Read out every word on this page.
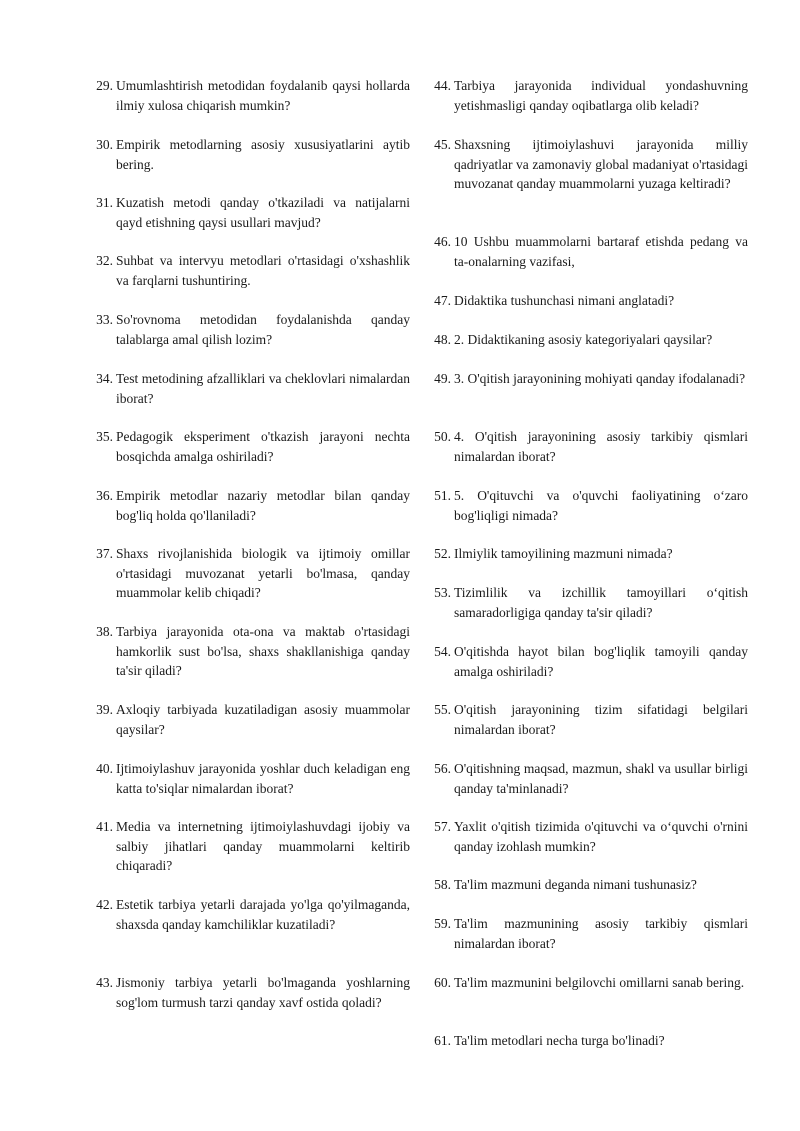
29. Umumlashtirish metodidan foydalanib qaysi hollarda ilmiy xulosa chiqarish mumkin?
30. Empirik metodlarning asosiy xususiyatlarini aytib bering.
31. Kuzatish metodi qanday o'tkaziladi va natijalarni qayd etishning qaysi usullari mavjud?
32. Suhbat va intervyu metodlari o'rtasidagi o'xshashlik va farqlarni tushuntiring.
33. So'rovnoma metodidan foydalanishda qanday talablarga amal qilish lozim?
34. Test metodining afzalliklari va cheklovlari nimalardan iborat?
35. Pedagogik eksperiment o'tkazish jarayoni nechta bosqichda amalga oshiriladi?
36. Empirik metodlar nazariy metodlar bilan qanday bog'liq holda qo'llaniladi?
37. Shaxs rivojlanishida biologik va ijtimoiy omillar o'rtasidagi muvozanat yetarli bo'lmasa, qanday muammolar kelib chiqadi?
38. Tarbiya jarayonida ota-ona va maktab o'rtasidagi hamkorlik sust bo'lsa, shaxs shakllanishiga qanday ta'sir qiladi?
39. Axloqiy tarbiyada kuzatiladigan asosiy muammolar qaysilar?
40. Ijtimoiylashuv jarayonida yoshlar duch keladigan eng katta to'siqlar nimalardan iborat?
41. Media va internetning ijtimoiylashuvdagi ijobiy va salbiy jihatlari qanday muammolarni keltirib chiqaradi?
42. Estetik tarbiya yetarli darajada yo'lga qo'yilmaganda, shaxsda qanday kamchiliklar kuzatiladi?
43. Jismoniy tarbiya yetarli bo'lmaganda yoshlarning sog'lom turmush tarzi qanday xavf ostida qoladi?
44. Tarbiya jarayonida individual yondashuvning yetishmasligi qanday oqibatlarga olib keladi?
45. Shaxsning ijtimoiylashuvi jarayonida milliy qadriyatlar va zamonaviy global madaniyat o'rtasidagi muvozanat qanday muammolarni yuzaga keltiradi?
46. 10 Ushbu muammolarni bartaraf etishda pedang va ta-onalarning vazifasi,
47. Didaktika tushunchasi nimani anglatadi?
48. 2. Didaktikaning asosiy kategoriyalari qaysilar?
49. 3. O'qitish jarayonining mohiyati qanday ifodalanadi?
50. 4. O'qitish jarayonining asosiy tarkibiy qismlari nimalardan iborat?
51. 5. O'qituvchi va o'quvchi faoliyatining o‘zaro bog'liqligi nimada?
52. Ilmiylik tamoyilining mazmuni nimada?
53. Tizimlilik va izchillik tamoyillari o‘qitish samaradorligiga qanday ta'sir qiladi?
54. O'qitishda hayot bilan bog'liqlik tamoyili qanday amalga oshiriladi?
55. O'qitish jarayonining tizim sifatidagi belgilari nimalardan iborat?
56. O'qitishning maqsad, mazmun, shakl va usullar birligi qanday ta'minlanadi?
57. Yaxlit o'qitish tizimida o'qituvchi va o‘quvchi o'rnini qanday izohlash mumkin?
58. Ta'lim mazmuni deganda nimani tushunasiz?
59. Ta'lim mazmunining asosiy tarkibiy qismlari nimalardan iborat?
60. Ta'lim mazmunini belgilovchi omillarni sanab bering.
61. Ta'lim metodlari necha turga bo'linadi?
